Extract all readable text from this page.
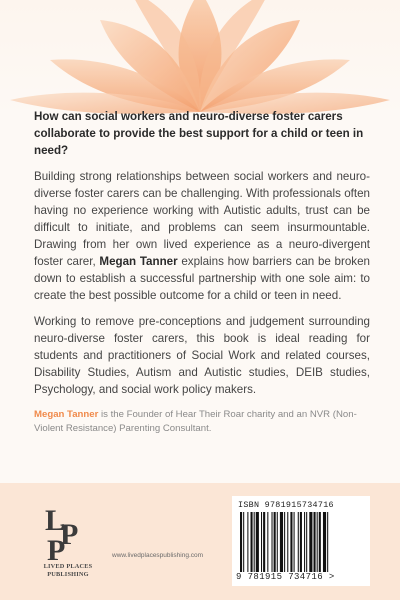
How can social workers and neuro-diverse foster carers collaborate to provide the best support for a child or teen in need?

Building strong relationships between social workers and neuro-diverse foster carers can be challenging. With professionals often having no experience working with Autistic adults, trust can be difficult to initiate, and problems can seem insurmountable. Drawing from her own lived experience as a neuro-divergent foster carer, Megan Tanner explains how barriers can be broken down to establish a successful partnership with one sole aim: to create the best possible outcome for a child or teen in need.

Working to remove pre-conceptions and judgement surrounding neuro-diverse foster carers, this book is ideal reading for students and practitioners of Social Work and related courses, Disability Studies, Autism and Autistic studies, DEIB studies, Psychology, and social work policy makers.

Megan Tanner is the Founder of Hear Their Roar charity and an NVR (Non-Violent Resistance) Parenting Consultant.

L
P
P
LIVED PLACES
PUBLISHING
www.livedplacespublishing.com
ISBN 9781915734716
9 781915 734716 >
